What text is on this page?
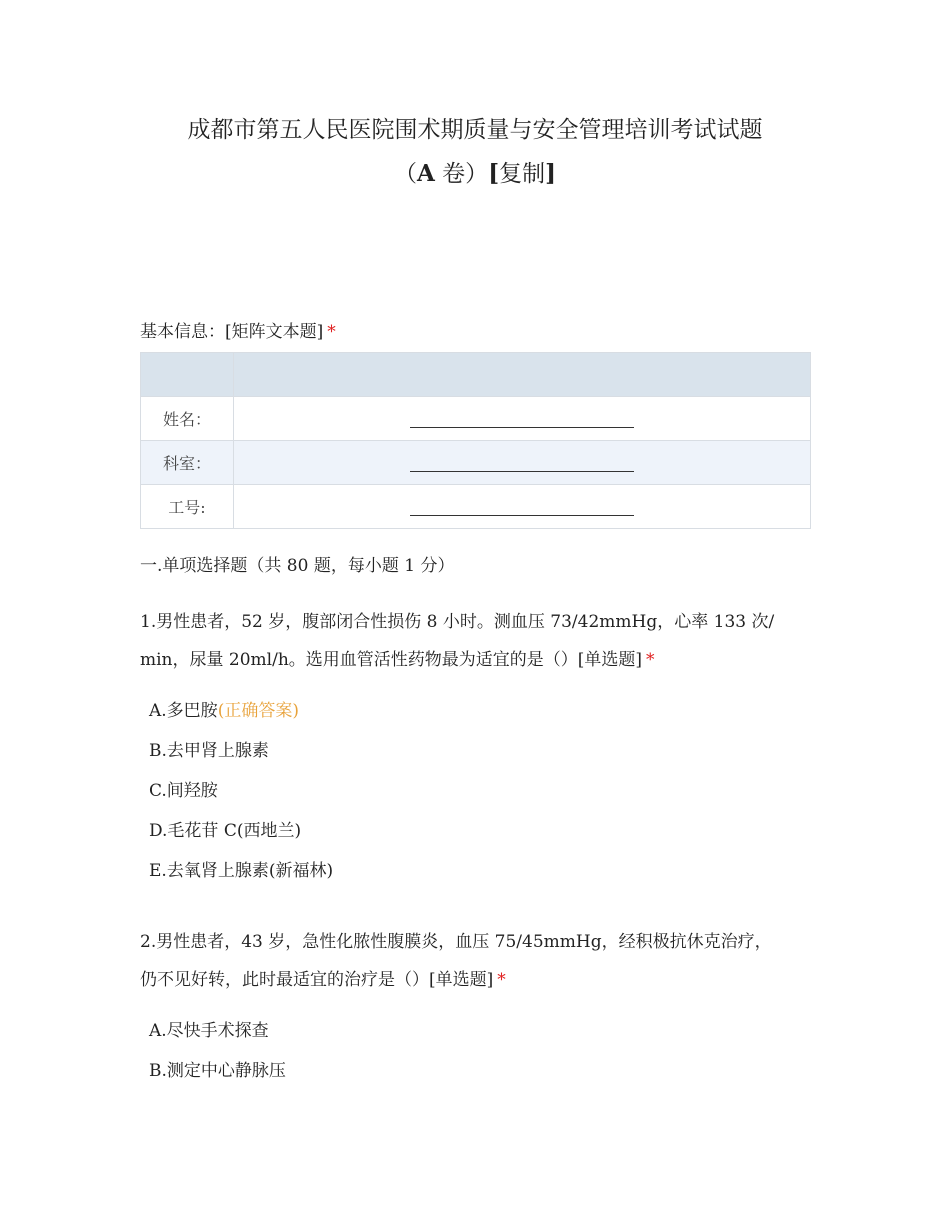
成都市第五人民医院围术期质量与安全管理培训考试试题
（A 卷）[复制]
基本信息：[矩阵文本题] *

姓名：	
科室：	
工号:	
一.单项选择题（共 80 题，每小题 1 分）
1.男性患者，52 岁，腹部闭合性损伤 8 小时。测血压 73/42mmHg，心率 133 次/
min，尿量 20ml/h。选用血管活性药物最为适宜的是（）[单选题] *
A.多巴胺(正确答案)
B.去甲肾上腺素
C.间羟胺
D.毛花苷 C(西地兰)
E.去氧肾上腺素(新福林)
2.男性患者，43 岁，急性化脓性腹膜炎，血压 75/45mmHg，经积极抗休克治疗，
仍不见好转，此时最适宜的治疗是（）[单选题] *
A.尽快手术探查
B.测定中心静脉压
